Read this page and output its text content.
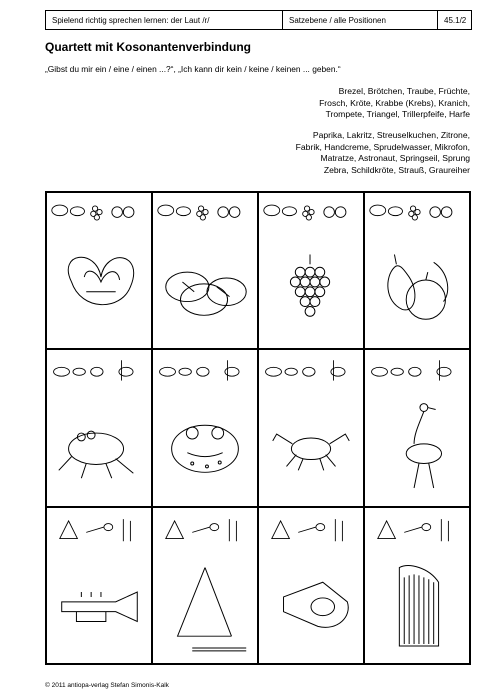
Spielend richtig sprechen lernen: der Laut /r/	Satzebene / alle Positionen	45.1/2
Quartett mit Kosonantenverbindung
„Gibst du mir ein / eine / einen ...?“, „Ich kann dir kein / keine / keinen ... geben.“
Brezel, Brötchen, Traube, Früchte,
Frosch, Kröte, Krabbe (Krebs), Kranich,
Trompete, Triangel, Trillerpfeife, Harfe
Paprika, Lakritz, Streuselkuchen, Zitrone,
Fabrik, Handcreme, Sprudelwasser, Mikrofon,
Matratze, Astronaut, Springseil, Sprung
Zebra, Schildkröte, Strauß, Graureiher
© 2011 antiopa-verlag Stefan Simonis-Kalk
